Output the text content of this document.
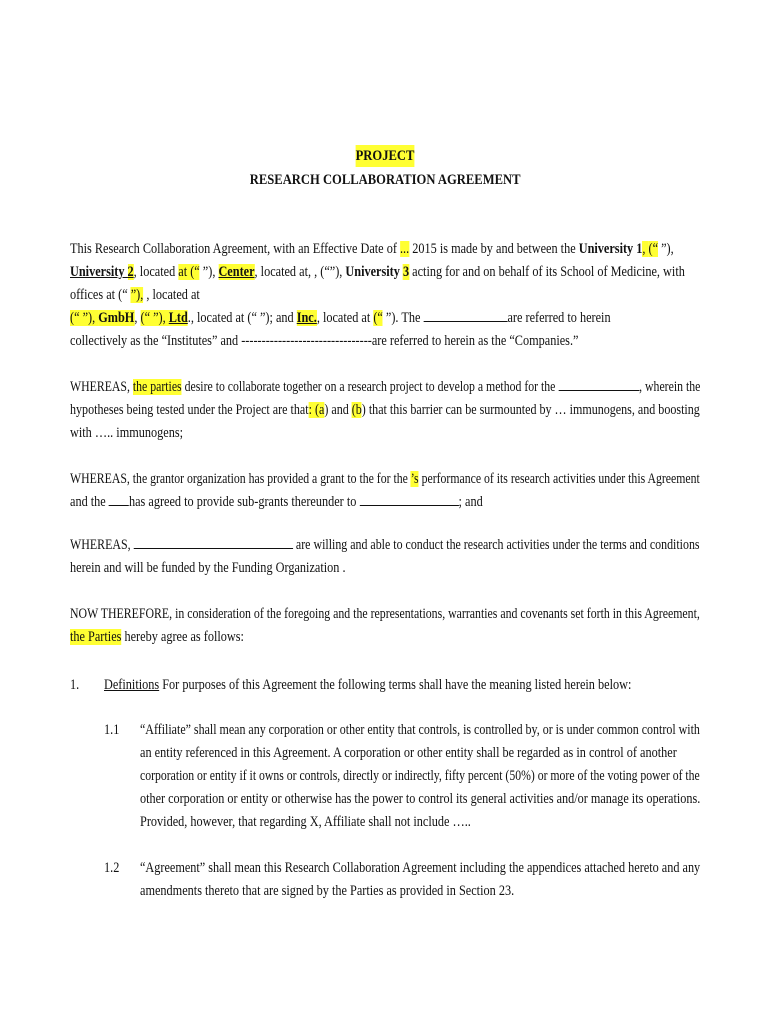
PROJECT
RESEARCH COLLABORATION AGREEMENT
This Research Collaboration Agreement, with an Effective Date of ... 2015 is made by and between the University 1, (“ ”),
University 2, located at (“ ”), Center, located at, , (“”), University 3 acting for and on behalf of its School of Medicine, with
offices at (“ ”), , located at
(“ ”), GmbH, (“ ”), Ltd., located at (“ ”); and Inc., located at (“ ”). The	are referred to herein
collectively as the “Institutes” and --------------------------------are referred to herein as the “Companies.”
WHEREAS, the parties desire to collaborate together on a research project to develop a method for the	, wherein the
hypotheses being tested under the Project are that: (a) and (b) that this barrier can be surmounted by … immunogens, and boosting
with ….. immunogens;
WHEREAS, the grantor organization has provided a grant to the for the ’s performance of its research activities under this Agreement
and the has agreed to provide sub-grants thereunder to	; and
WHEREAS,	are willing and able to conduct the research activities under the terms and conditions
herein and will be funded by the Funding Organization .
NOW THEREFORE, in consideration of the foregoing and the representations, warranties and covenants set forth in this Agreement,
the Parties hereby agree as follows:
1.	Definitions For purposes of this Agreement the following terms shall have the meaning listed herein below:
1.1	“Affiliate” shall mean any corporation or other entity that controls, is controlled by, or is under common control with
an entity referenced in this Agreement. A corporation or other entity shall be regarded as in control of another
corporation or entity if it owns or controls, directly or indirectly, fifty percent (50%) or more of the voting power of the
other corporation or entity or otherwise has the power to control its general activities and/or manage its operations.
Provided, however, that regarding X, Affiliate shall not include …..
1.2	“Agreement” shall mean this Research Collaboration Agreement including the appendices attached hereto and any
amendments thereto that are signed by the Parties as provided in Section 23.
